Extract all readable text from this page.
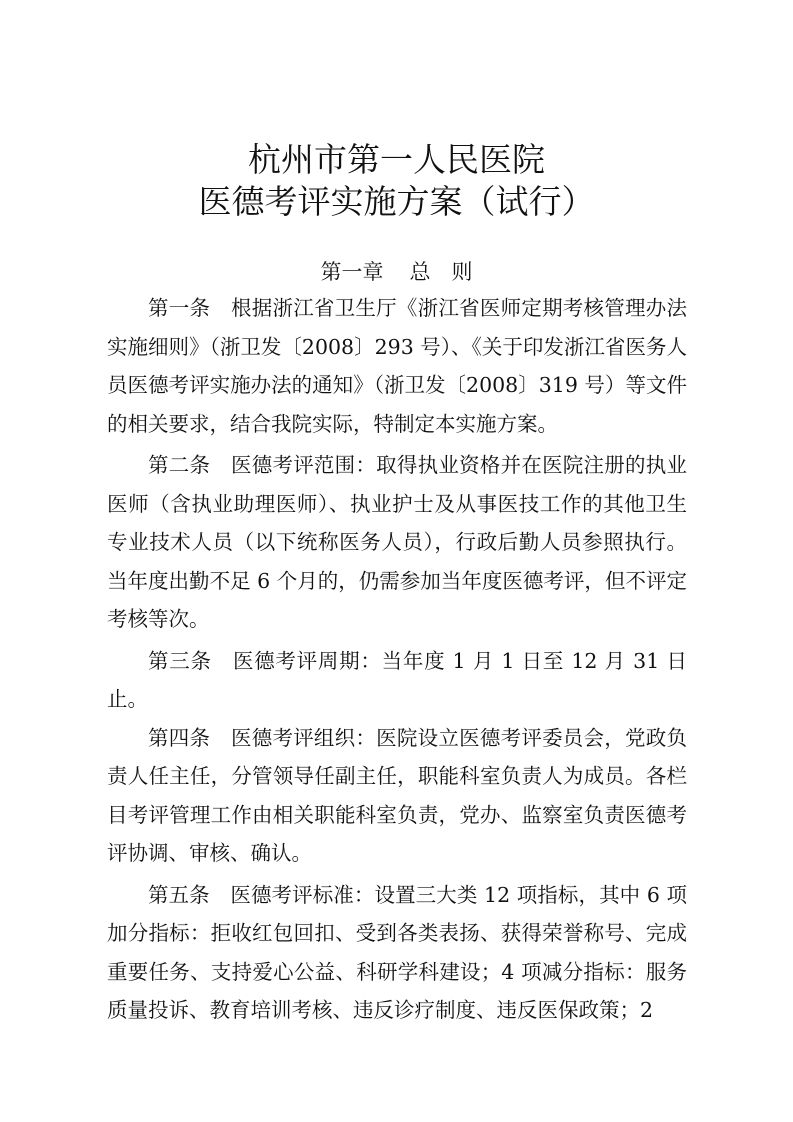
杭州市第一人民医院
医德考评实施方案（试行）
第一章 总　则

第一条　根据浙江省卫生厅《浙江省医师定期考核管理办法实施细则》（浙卫发〔2008〕293 号）、《关于印发浙江省医务人员医德考评实施办法的通知》（浙卫发〔2008〕319 号）等文件的相关要求，结合我院实际，特制定本实施方案。

第二条　医德考评范围：取得执业资格并在医院注册的执业医师（含执业助理医师）、执业护士及从事医技工作的其他卫生专业技术人员（以下统称医务人员），行政后勤人员参照执行。当年度出勤不足 6 个月的，仍需参加当年度医德考评，但不评定考核等次。

第三条　医德考评周期：当年度 1 月 1 日至 12 月 31 日止。

第四条　医德考评组织：医院设立医德考评委员会，党政负责人任主任，分管领导任副主任，职能科室负责人为成员。各栏目考评管理工作由相关职能科室负责，党办、监察室负责医德考评协调、审核、确认。

第五条　医德考评标准：设置三大类 12 项指标，其中 6 项加分指标：拒收红包回扣、受到各类表扬、获得荣誉称号、完成重要任务、支持爱心公益、科研学科建设；4 项减分指标：服务质量投诉、教育培训考核、违反诊疗制度、违反医保政策；2
